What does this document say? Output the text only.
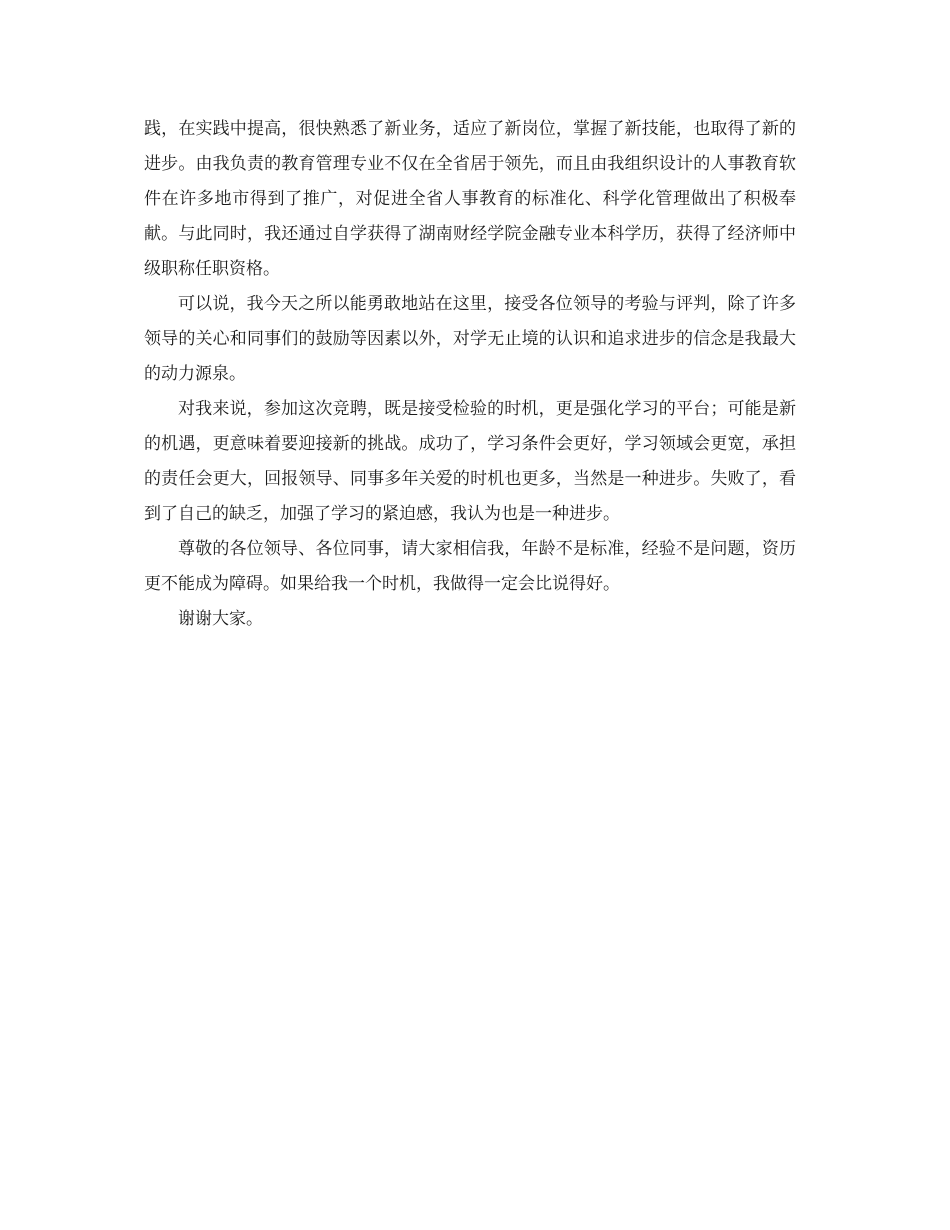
践，在实践中提高，很快熟悉了新业务，适应了新岗位，掌握了新技能，也取得了新的进步。由我负责的教育管理专业不仅在全省居于领先，而且由我组织设计的人事教育软件在许多地市得到了推广，对促进全省人事教育的标准化、科学化管理做出了积极奉献。与此同时，我还通过自学获得了湖南财经学院金融专业本科学历，获得了经济师中级职称任职资格。

可以说，我今天之所以能勇敢地站在这里，接受各位领导的考验与评判，除了许多领导的关心和同事们的鼓励等因素以外，对学无止境的认识和追求进步的信念是我最大的动力源泉。

对我来说，参加这次竞聘，既是接受检验的时机，更是强化学习的平台；可能是新的机遇，更意味着要迎接新的挑战。成功了，学习条件会更好，学习领域会更宽，承担的责任会更大，回报领导、同事多年关爱的时机也更多，当然是一种进步。失败了，看到了自己的缺乏，加强了学习的紧迫感，我认为也是一种进步。

尊敬的各位领导、各位同事，请大家相信我，年龄不是标准，经验不是问题，资历更不能成为障碍。如果给我一个时机，我做得一定会比说得好。

谢谢大家。
